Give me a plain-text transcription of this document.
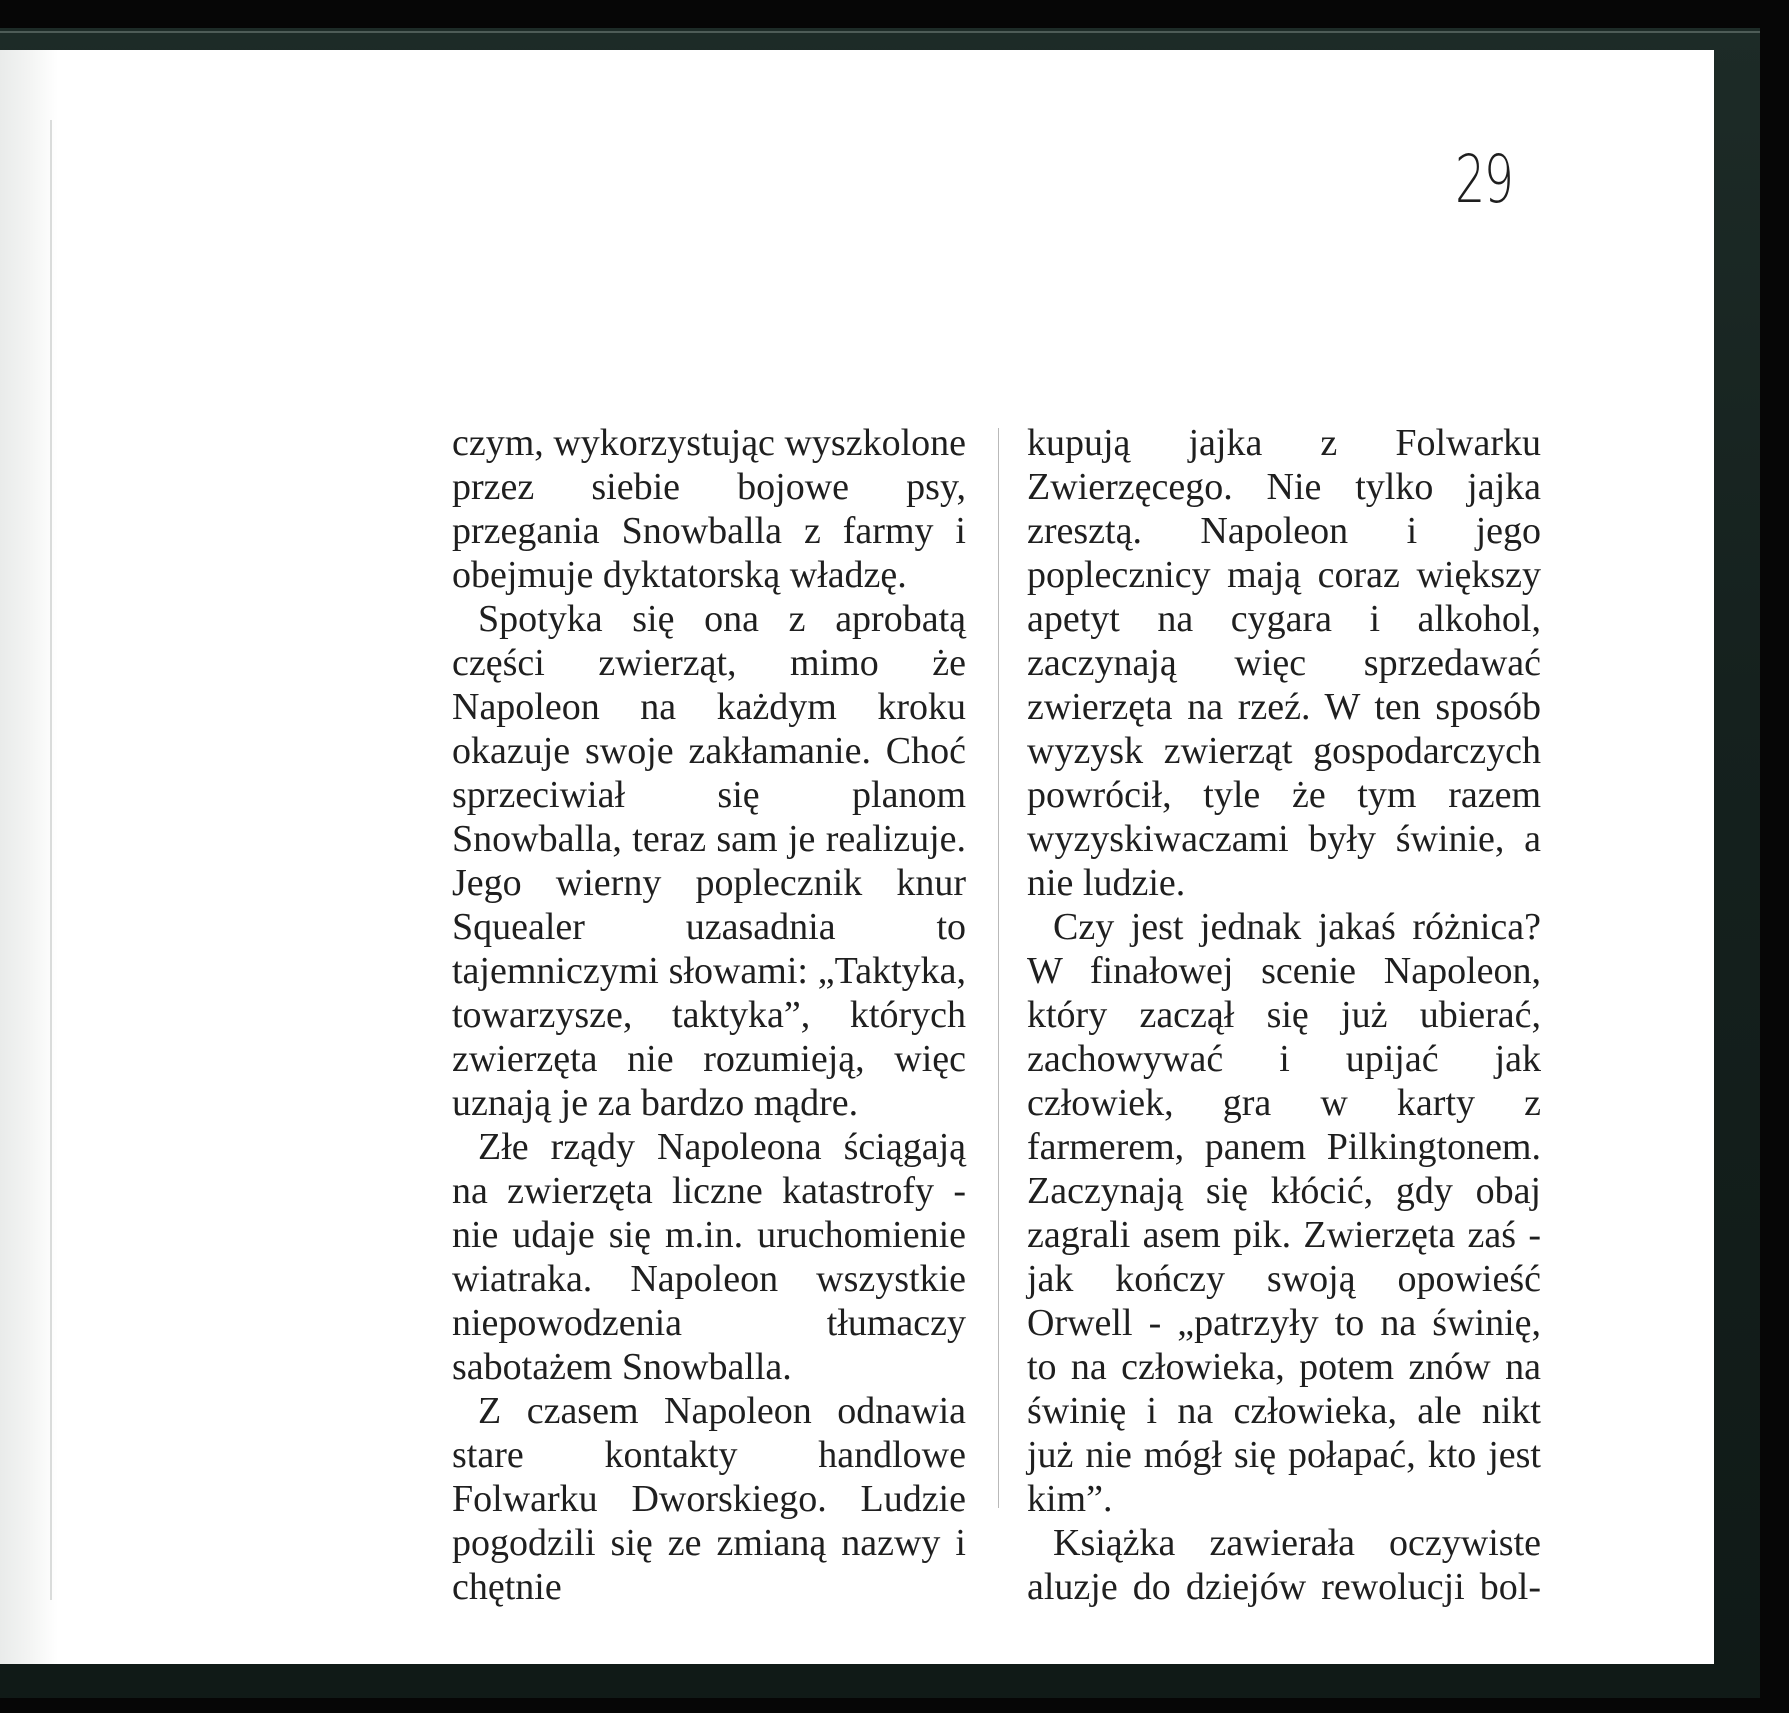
29

czym, wykorzystując wyszkolone przez siebie bojowe psy, przegania Snowballa z farmy i obejmuje dyktatorską władzę.

Spotyka się ona z aprobatą części zwierząt, mimo że Napoleon na każdym kroku okazuje swoje zakłamanie. Choć sprzeciwiał się planom Snowballa, teraz sam je realizuje. Jego wierny poplecznik knur Squealer uzasadnia to tajemniczymi słowami: „Taktyka, towarzysze, taktyka”, których zwierzęta nie rozumieją, więc uznają je za bardzo mądre.

Złe rządy Napoleona ściągają na zwierzęta liczne katastrofy - nie udaje się m.in. uruchomienie wiatraka. Napoleon wszystkie niepowodzenia tłumaczy sabotażem Snowballa.

Z czasem Napoleon odnawia stare kontakty handlowe Folwarku Dworskiego. Ludzie pogodzili się ze zmianą nazwy i chętnie

kupują jajka z Folwarku Zwierzęcego. Nie tylko jajka zresztą. Napoleon i jego poplecznicy mają coraz większy apetyt na cygara i alkohol, zaczynają więc sprzedawać zwierzęta na rzeź. W ten sposób wyzysk zwierząt gospodarczych powrócił, tyle że tym razem wyzyskiwaczami były świnie, a nie ludzie.

Czy jest jednak jakaś różnica? W finałowej scenie Napoleon, który zaczął się już ubierać, zachowywać i upijać jak człowiek, gra w karty z farmerem, panem Pilkingtonem. Zaczynają się kłócić, gdy obaj zagrali asem pik. Zwierzęta zaś - jak kończy swoją opowieść Orwell - „patrzyły to na świnię, to na człowieka, potem znów na świnię i na człowieka, ale nikt już nie mógł się połapać, kto jest kim”.

Książka zawierała oczywiste aluzje do dziejów rewolucji bol-
